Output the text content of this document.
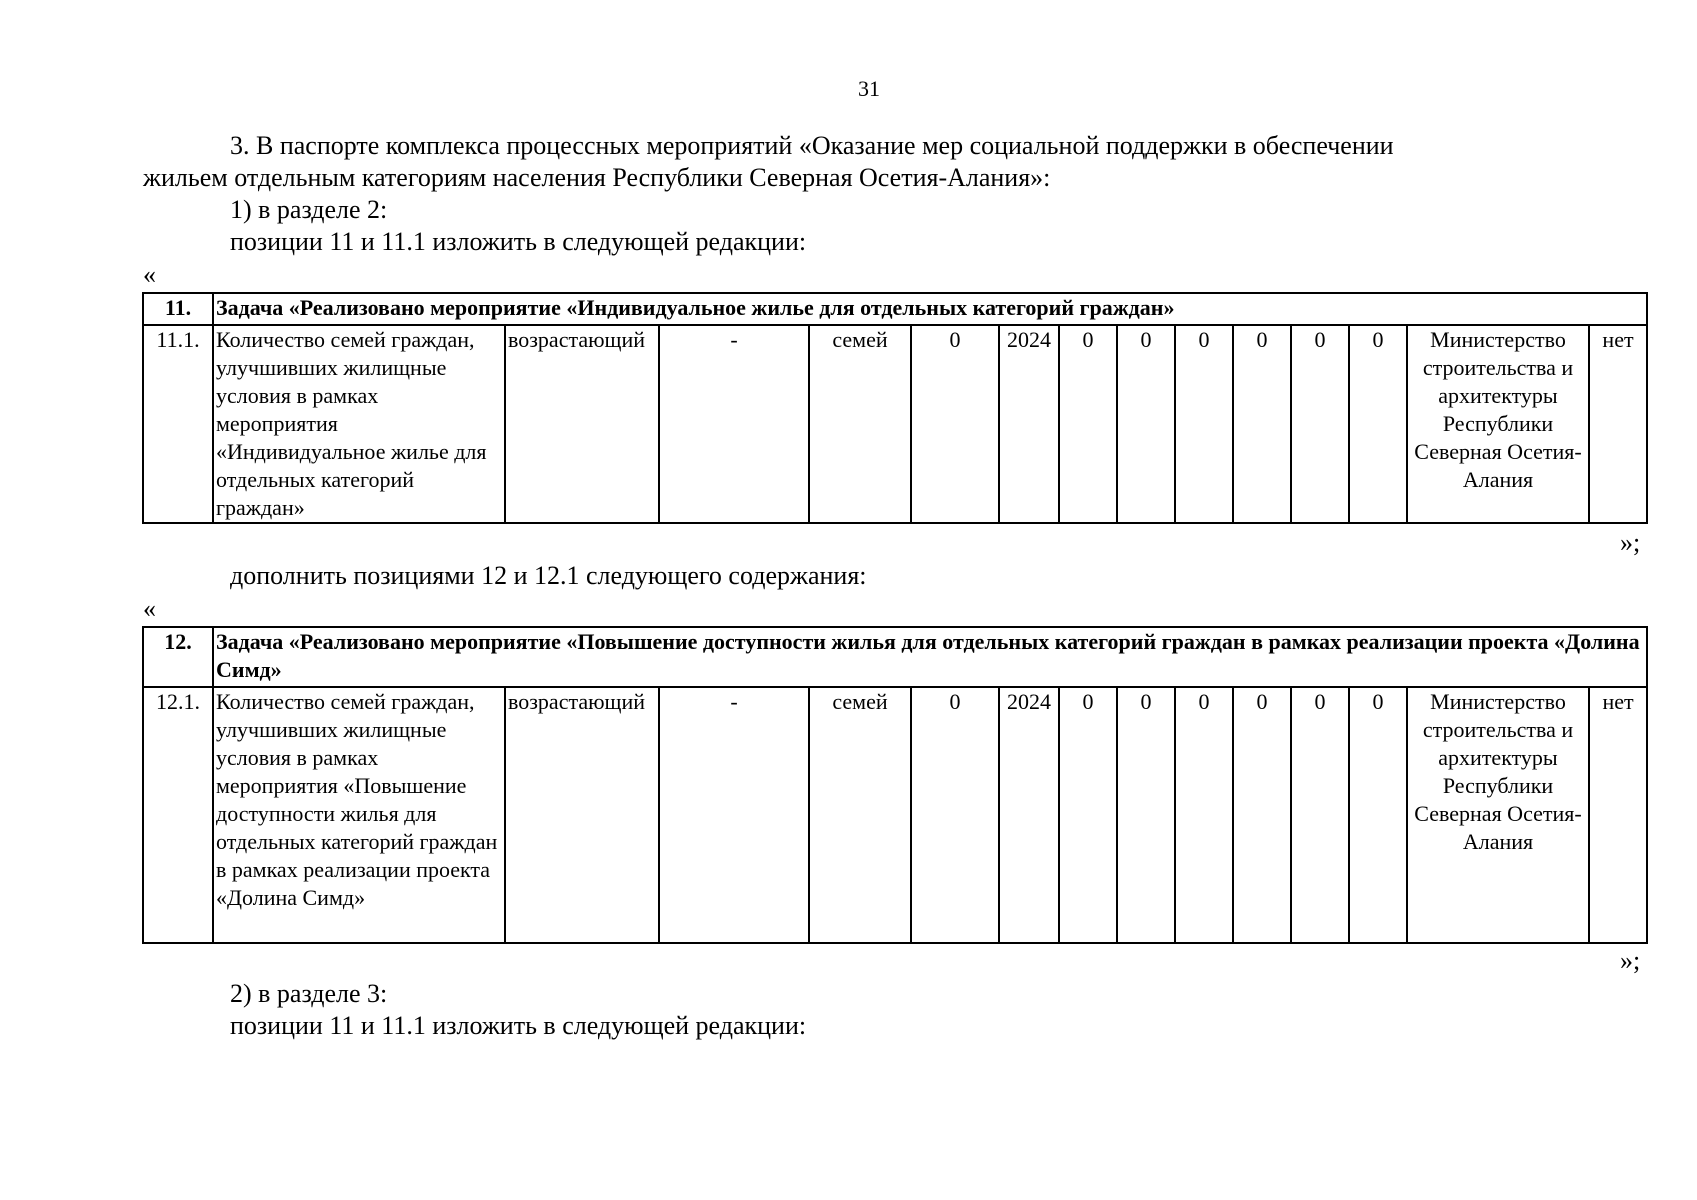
31
3. В паспорте комплекса процессных мероприятий «Оказание мер социальной поддержки в обеспечении
жильем отдельным категориям населения Республики Северная Осетия-Алания»:
1) в разделе 2:
позиции 11 и 11.1 изложить в следующей редакции:
«
11.	Задача «Реализовано мероприятие «Индивидуальное жилье для отдельных категорий граждан»													
11.1.	Количество семей граждан, улучшивших жилищные условия в рамках мероприятия «Индивидуальное жилье для отдельных категорий граждан»	возрастающий	-	семей	0	2024	0	0	0	0	0	0	Министерство строительства и архитектуры Республики Северная Осетия-Алания	нет
»;
дополнить позициями 12 и 12.1 следующего содержания:
«
12.	Задача «Реализовано мероприятие «Повышение доступности жилья для отдельных категорий граждан в рамках реализации проекта «Долина Симд»													
12.1.	Количество семей граждан, улучшивших жилищные условия в рамках мероприятия «Повышение доступности жилья для отдельных категорий граждан в рамках реализации проекта «Долина Симд»	возрастающий	-	семей	0	2024	0	0	0	0	0	0	Министерство строительства и архитектуры Республики Северная Осетия-Алания	нет
»;
2) в разделе 3:
позиции 11 и 11.1 изложить в следующей редакции:
